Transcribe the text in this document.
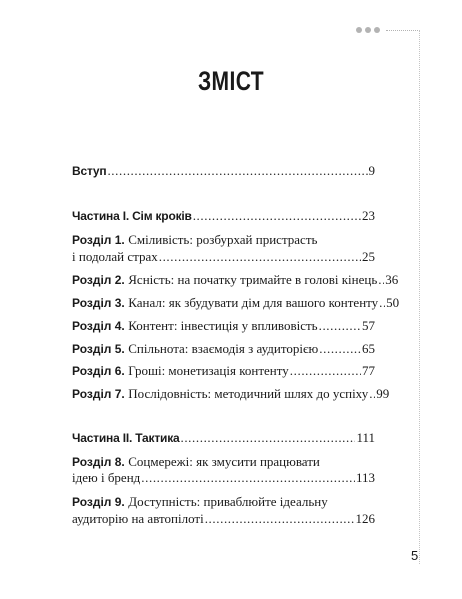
ЗМІСТ
Вступ .....	9
Частина І. Сім кроків .....	23
Розділ 1.
Сміливість: розбурхай пристрасть
і подолай страх .....	25
Розділ 2.
Ясність: на початку тримайте в голові кінець ..... 36
Розділ 3.
Канал: як збудувати дім для вашого контенту ..... 50
Розділ 4.
Контент: інвестиція у впливовість .....	57
Розділ 5.
Спільнота: взаємодія з аудиторією .....	65
Розділ 6.
Гроші: монетизація контенту .....	77
Розділ 7.
Послідовність: методичний шлях до успіху ..... 99
Частина ІІ. Тактика .....	111
Розділ 8.
Соцмережі: як змусити працювати
ідею і бренд .....	113
Розділ 9.
Доступність: приваблюйте ідеальну
аудиторію на автопілоті .....	126
5
